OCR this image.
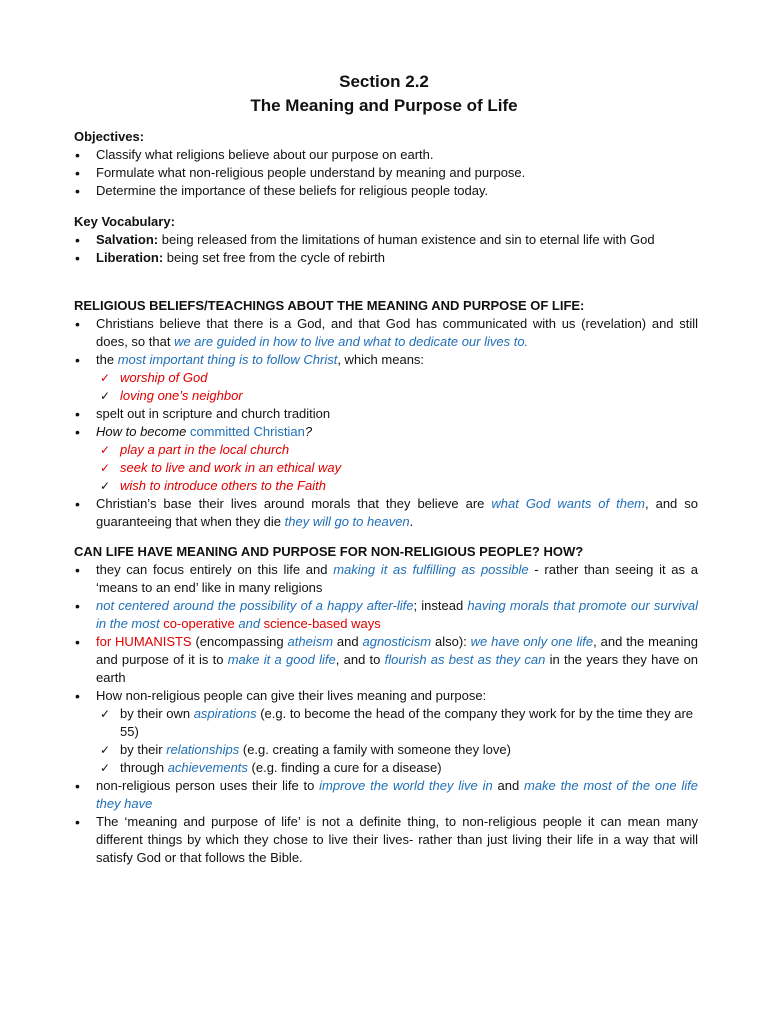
Section 2.2
The Meaning and Purpose of Life

Objectives:

• Classify what religions believe about our purpose on earth.
• Formulate what non-religious people understand by meaning and purpose.
• Determine the importance of these beliefs for religious people today.

Key Vocabulary:

• Salvation: being released from the limitations of human existence and sin to eternal life with God
• Liberation: being set free from the cycle of rebirth

RELIGIOUS BELIEFS/TEACHINGS ABOUT THE MEANING AND PURPOSE OF LIFE:

• Christians believe that there is a God, and that God has communicated with us (revelation) and still does, so that we are guided in how to live and what to dedicate our lives to.
• the most important thing is to follow Christ, which means:
✓ worship of God
✓ loving one’s neighbor
• spelt out in scripture and church tradition
• How to become committed Christian?
✓ play a part in the local church
✓ seek to live and work in an ethical way
✓ wish to introduce others to the Faith
• Christian’s base their lives around morals that they believe are what God wants of them, and so guaranteeing that when they die they will go to heaven.

CAN LIFE HAVE MEANING AND PURPOSE FOR NON-RELIGIOUS PEOPLE? HOW?

• they can focus entirely on this life and making it as fulfilling as possible - rather than seeing it as a ‘means to an end’ like in many religions
• not centered around the possibility of a happy after-life; instead having morals that promote our survival in the most co-operative and science-based ways
• for HUMANISTS (encompassing atheism and agnosticism also): we have only one life, and the meaning and purpose of it is to make it a good life, and to flourish as best as they can in the years they have on earth
• How non-religious people can give their lives meaning and purpose:
✓ by their own aspirations (e.g. to become the head of the company they work for by the time they are 55)
✓ by their relationships (e.g. creating a family with someone they love)
✓ through achievements (e.g. finding a cure for a disease)
• non-religious person uses their life to improve the world they live in and make the most of the one life they have
• The ‘meaning and purpose of life’ is not a definite thing, to non-religious people it can mean many different things by which they chose to live their lives- rather than just living their life in a way that will satisfy God or that follows the Bible.
